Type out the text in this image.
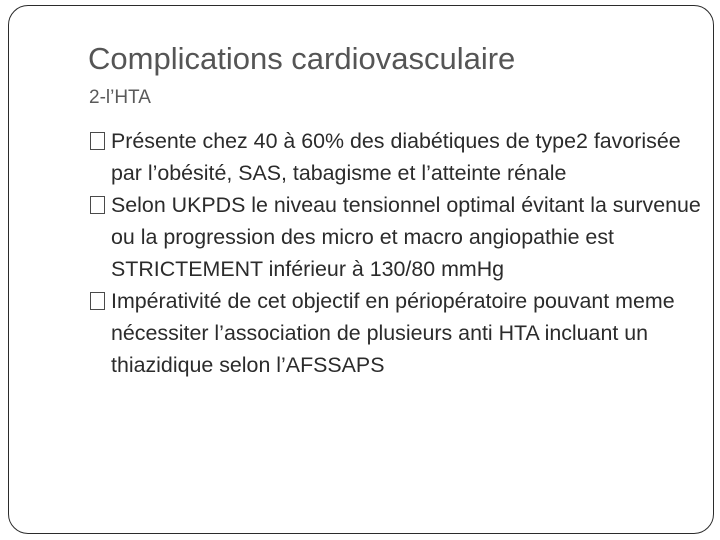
Complications cardiovasculaire
2-l’HTA
Présente chez 40 à 60% des diabétiques de type2 favorisée par l’obésité, SAS, tabagisme et l’atteinte rénale
Selon UKPDS le niveau tensionnel optimal évitant la survenue ou la progression des micro et macro angiopathie est STRICTEMENT inférieur à 130/80 mmHg
Impérativité de cet objectif en périopératoire pouvant meme nécessiter l’association de plusieurs anti HTA incluant un thiazidique selon l’AFSSAPS
